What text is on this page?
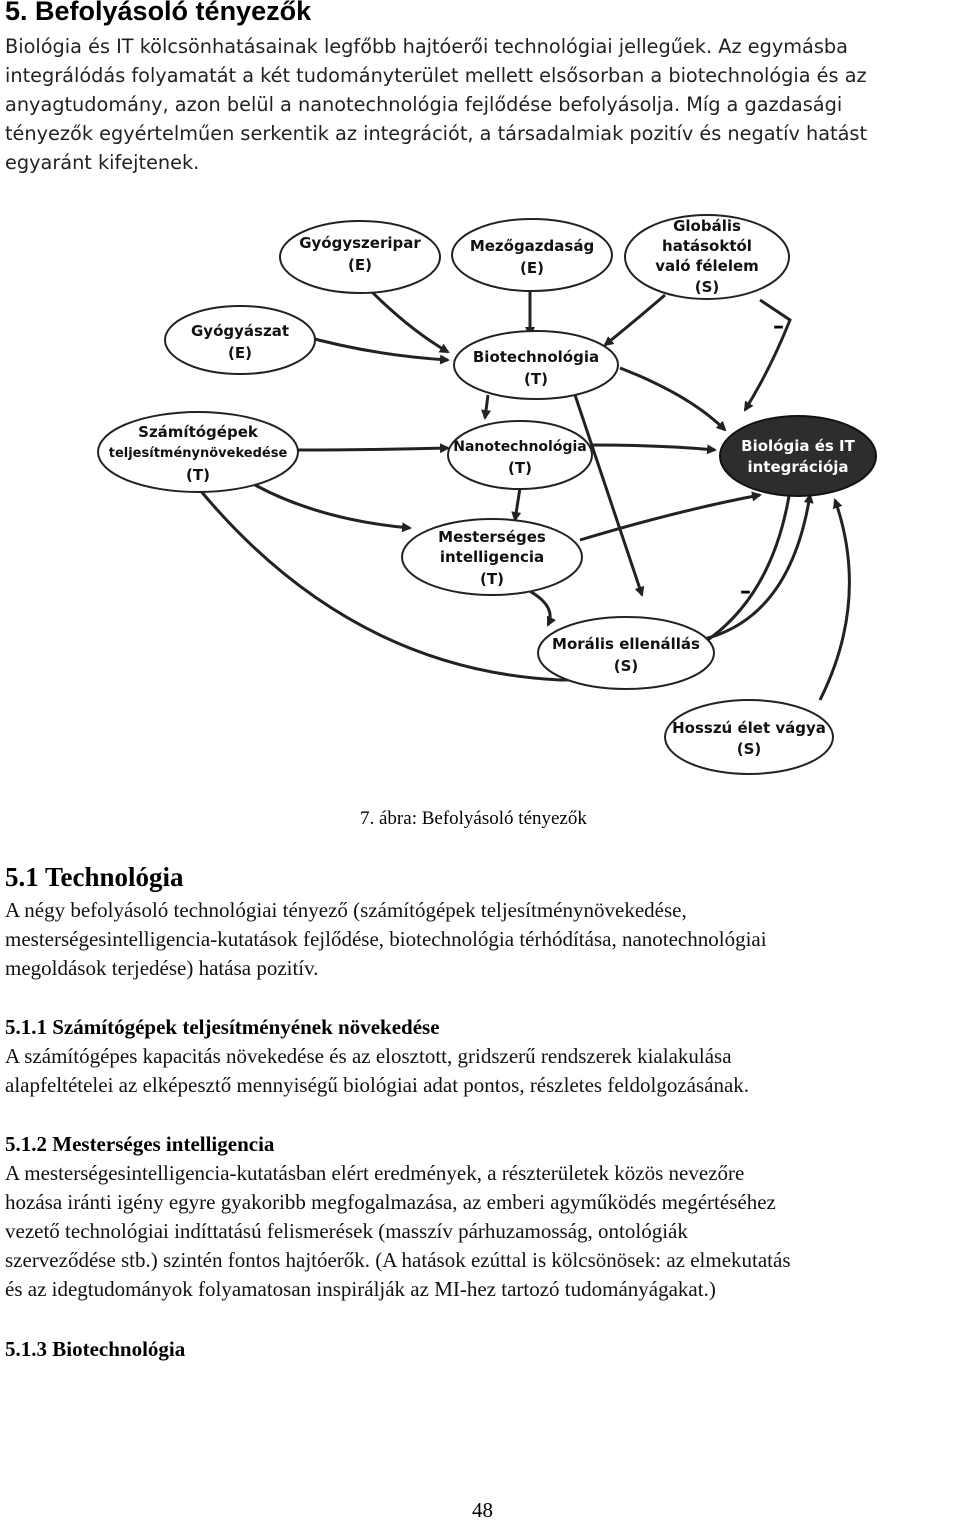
5. Befolyásoló tényezők
Biológia és IT kölcsönhatásainak legfőbb hajtóerői technológiai jellegűek. Az egymásba
integrálódás folyamatát a két tudományterület mellett elsősorban a biotechnológia és az
anyagtudomány, azon belül a nanotechnológia fejlődése befolyásolja. Míg a gazdasági
tényezők egyértelműen serkentik az integrációt, a társadalmiak pozitív és negatív hatást
egyaránt kifejtenek.
–
–
Gyógyszeripar
(E)
Mezőgazdaság
(E)
Globális
hatásoktól
való félelem
(S)
Gyógyászat
(E)	Biotechnológia
(T)
Számítógépek
teljesítménynövekedése
(T)
Nanotechnológia
(T)
Biológia és IT
integrációja
Mesterséges
intelligencia
(T)
Morális ellenállás
(S)
Hosszú élet vágya
(S)
7. ábra: Befolyásoló tényezők
5.1 Technológia
A négy befolyásoló technológiai tényező (számítógépek teljesítménynövekedése,
mesterségesintelligencia-kutatások fejlődése, biotechnológia térhódítása, nanotechnológiai
megoldások terjedése) hatása pozitív.
5.1.1 Számítógépek teljesítményének növekedése
A számítógépes kapacitás növekedése és az elosztott, gridszerű rendszerek kialakulása
alapfeltételei az elképesztő mennyiségű biológiai adat pontos, részletes feldolgozásának.
5.1.2 Mesterséges intelligencia
A mesterségesintelligencia-kutatásban elért eredmények, a részterületek közös nevezőre
hozása iránti igény egyre gyakoribb megfogalmazása, az emberi agyműködés megértéséhez
vezető technológiai indíttatású felismerések (masszív párhuzamosság, ontológiák
szerveződése stb.) szintén fontos hajtóerők. (A hatások ezúttal is kölcsönösek: az elmekutatás
és az idegtudományok folyamatosan inspirálják az MI-hez tartozó tudományágakat.)
5.1.3 Biotechnológia
48
